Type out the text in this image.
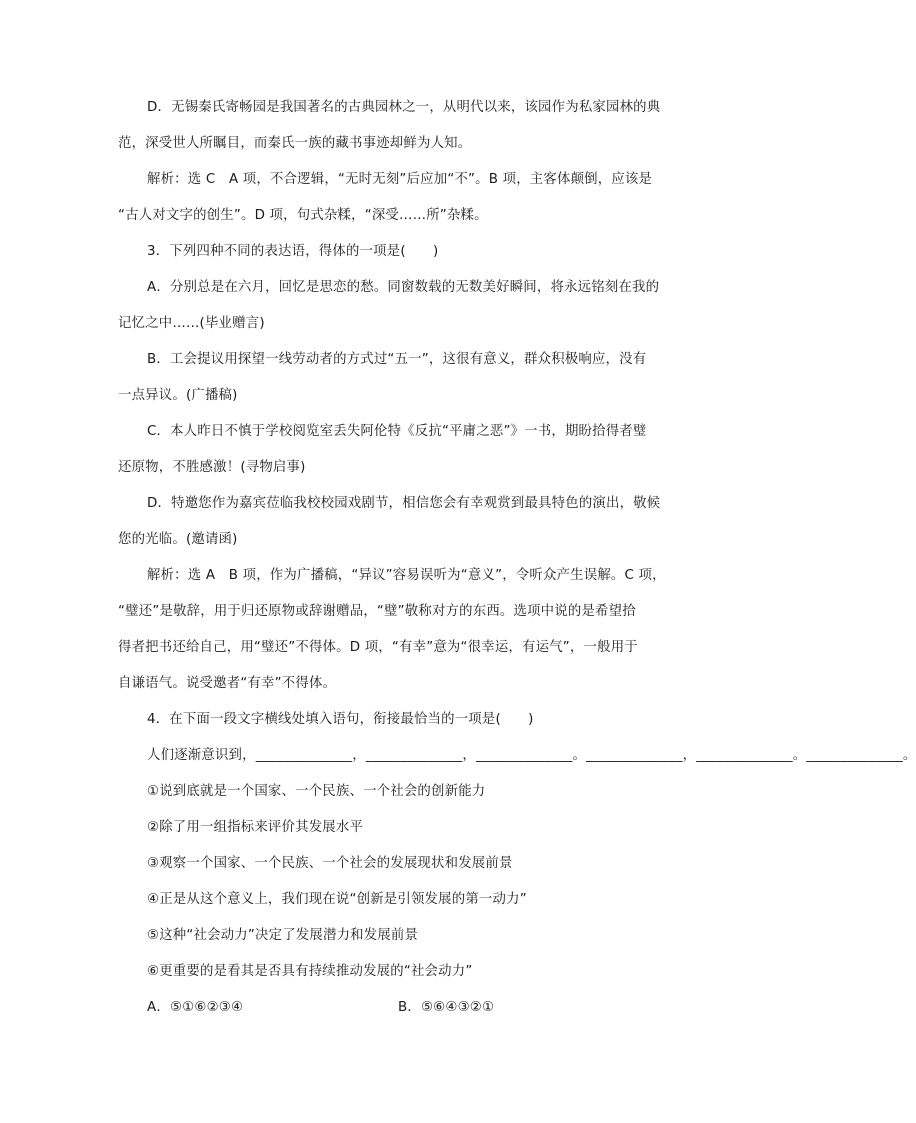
D．无锡秦氏寄畅园是我国著名的古典园林之一，从明代以来，该园作为私家园林的典

范，深受世人所瞩目，而秦氏一族的藏书事迹却鲜为人知。

解析：选 C　A 项，不合逻辑，“无时无刻”后应加“不”。B 项，主客体颠倒，应该是

“古人对文字的创生”。D 项，句式杂糅，“深受……所”杂糅。

3．下列四种不同的表达语，得体的一项是(　　)

A．分别总是在六月，回忆是思恋的愁。同窗数载的无数美好瞬间，将永远铭刻在我的

记忆之中……(毕业赠言)

B．工会提议用探望一线劳动者的方式过“五一”，这很有意义，群众积极响应，没有

一点异议。(广播稿)

C．本人昨日不慎于学校阅览室丢失阿伦特《反抗“平庸之恶”》一书，期盼拾得者璧

还原物，不胜感激！(寻物启事)

D．特邀您作为嘉宾莅临我校校园戏剧节，相信您会有幸观赏到最具特色的演出，敬候

您的光临。(邀请函)

解析：选 A　B 项，作为广播稿，“异议”容易误听为“意义”，令听众产生误解。C 项，

“璧还”是敬辞，用于归还原物或辞谢赠品，“璧”敬称对方的东西。选项中说的是希望拾

得者把书还给自己，用“璧还”不得体。D 项，“有幸”意为“很幸运，有运气”，一般用于

自谦语气。说受邀者“有幸”不得体。

4．在下面一段文字横线处填入语句，衔接最恰当的一项是(　　)

人们逐渐意识到，______________，______________，______________。______________，______________。______________。

①说到底就是一个国家、一个民族、一个社会的创新能力

②除了用一组指标来评价其发展水平

③观察一个国家、一个民族、一个社会的发展现状和发展前景

④正是从这个意义上，我们现在说“创新是引领发展的第一动力”

⑤这种“社会动力”决定了发展潜力和发展前景

⑥更重要的是看其是否具有持续推动发展的“社会动力”

A．⑤①⑥②③④	B．⑤⑥④③②①
